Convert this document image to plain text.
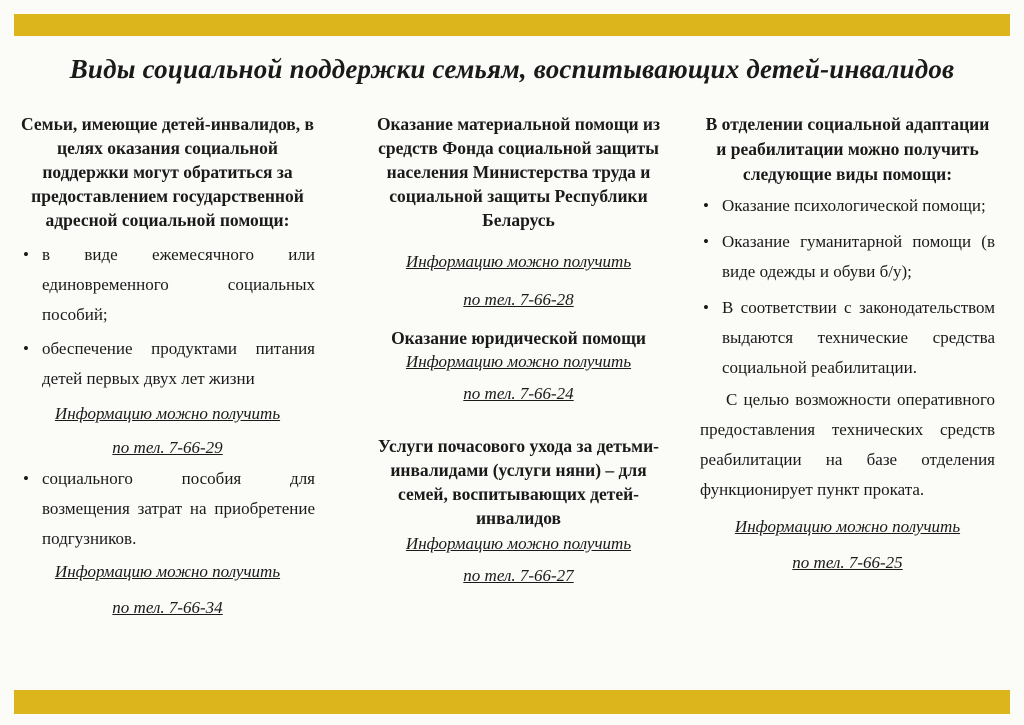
Виды социальной поддержки семьям, воспитывающих детей-инвалидов
Семьи, имеющие детей-инвалидов, в целях оказания социальной поддержки могут обратиться за предоставлением государственной адресной социальной помощи:
• в виде ежемесячного или единовременного социальных пособий;
• обеспечение продуктами питания детей первых двух лет жизни
Информацию можно получить
по тел. 7-66-29
• социального пособия для возмещения затрат на приобретение подгузников.
Информацию можно получить
по тел. 7-66-34
Оказание материальной помощи из средств Фонда социальной защиты населения Министерства труда и социальной защиты Республики Беларусь
Информацию можно получить
по тел. 7-66-28
Оказание юридической помощи
Информацию можно получить
по тел. 7-66-24
Услуги почасового ухода за детьми-инвалидами (услуги няни) – для семей, воспитывающих детей-инвалидов
Информацию можно получить
по тел. 7-66-27
В отделении социальной адаптации и реабилитации можно получить следующие виды помощи:
• Оказание психологической помощи;
• Оказание гуманитарной помощи (в виде одежды и обуви б/у);
• В соответствии с законодательством выдаются технические средства социальной реабилитации.
С целью возможности оперативного предоставления технических средств реабилитации на базе отделения функционирует пункт проката.
Информацию можно получить
по тел. 7-66-25
